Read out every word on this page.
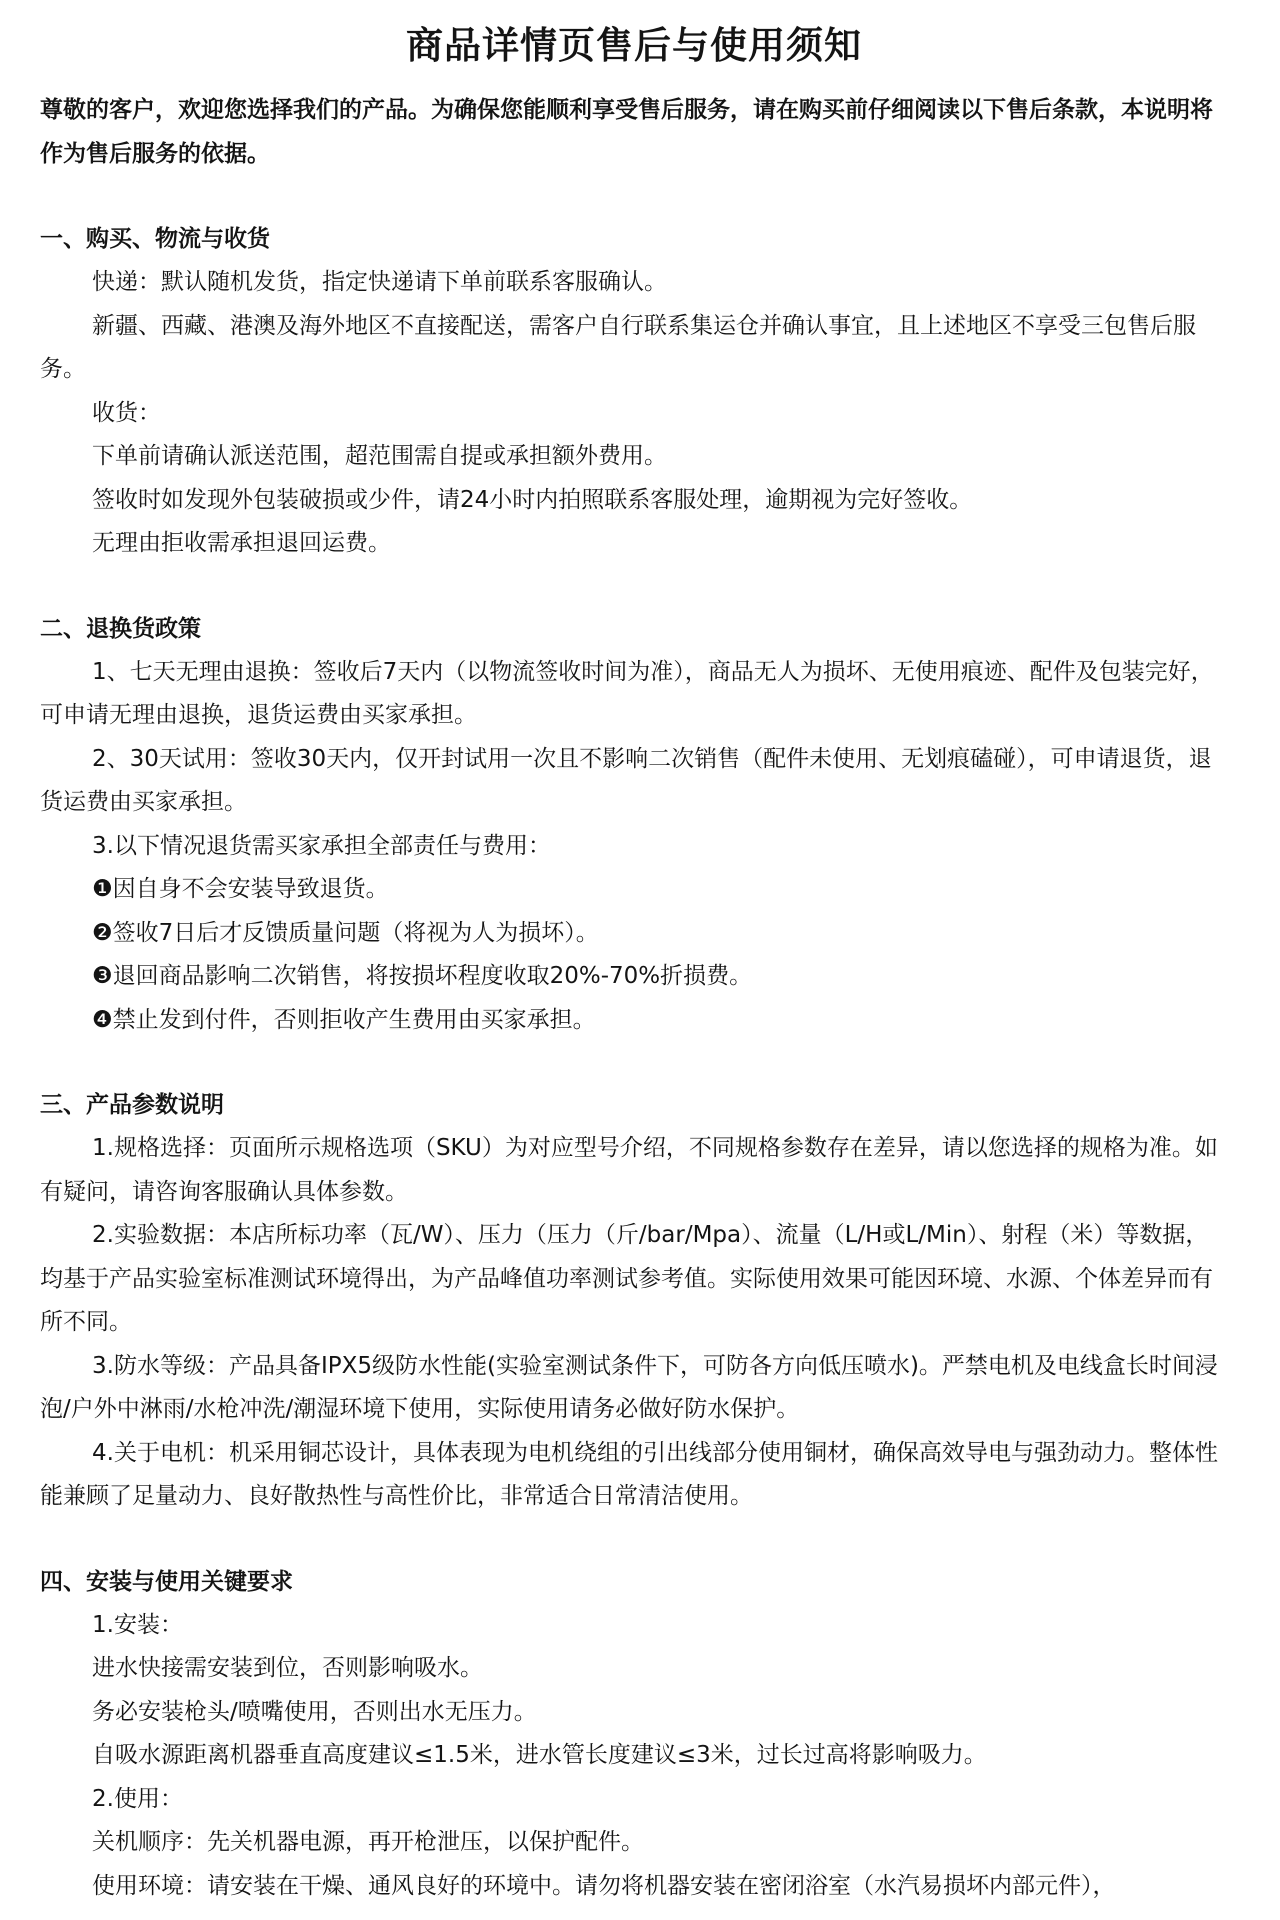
商品详情页售后与使用须知

尊敬的客户，欢迎您选择我们的产品。为确保您能顺利享受售后服务，请在购买前仔细阅读以下售后条款，本说明将作为售后服务的依据。

一、购买、物流与收货

快递：默认随机发货，指定快递请下单前联系客服确认。

新疆、西藏、港澳及海外地区不直接配送，需客户自行联系集运仓并确认事宜，且上述地区不享受三包售后服务。

收货：

下单前请确认派送范围，超范围需自提或承担额外费用。

签收时如发现外包装破损或少件，请24小时内拍照联系客服处理，逾期视为完好签收。

无理由拒收需承担退回运费。

二、退换货政策

1、七天无理由退换：签收后7天内（以物流签收时间为准），商品无人为损坏、无使用痕迹、配件及包装完好，可申请无理由退换，退货运费由买家承担。

2、30天试用：签收30天内，仅开封试用一次且不影响二次销售（配件未使用、无划痕磕碰），可申请退货，退货运费由买家承担。

3.以下情况退货需买家承担全部责任与费用：

❶因自身不会安装导致退货。

❷签收7日后才反馈质量问题（将视为人为损坏）。

❸退回商品影响二次销售，将按损坏程度收取20%-70%折损费。

❹禁止发到付件，否则拒收产生费用由买家承担。

三、产品参数说明

1.规格选择：页面所示规格选项（SKU）为对应型号介绍，不同规格参数存在差异，请以您选择的规格为准。如有疑问，请咨询客服确认具体参数。

2.实验数据：本店所标功率（瓦/W）、压力（压力（斤/bar/Mpa）、流量（L/H或L/Min）、射程（米）等数据，均基于产品实验室标准测试环境得出，为产品峰值功率测试参考值。实际使用效果可能因环境、水源、个体差异而有所不同。

3.防水等级：产品具备IPX5级防水性能(实验室测试条件下，可防各方向低压喷水)。严禁电机及电线盒长时间浸泡/户外中淋雨/水枪冲洗/潮湿环境下使用，实际使用请务必做好防水保护。

4.关于电机：机采用铜芯设计，具体表现为电机绕组的引出线部分使用铜材，确保高效导电与强劲动力。整体性能兼顾了足量动力、良好散热性与高性价比，非常适合日常清洁使用。

四、安装与使用关键要求

1.安装：

进水快接需安装到位，否则影响吸水。

务必安装枪头/喷嘴使用，否则出水无压力。

自吸水源距离机器垂直高度建议≤1.5米，进水管长度建议≤3米，过长过高将影响吸力。

2.使用：

关机顺序：先关机器电源，再开枪泄压，以保护配件。

使用环境：请安装在干燥、通风良好的环境中。请勿将机器安装在密闭浴室（水汽易损坏内部元件），
